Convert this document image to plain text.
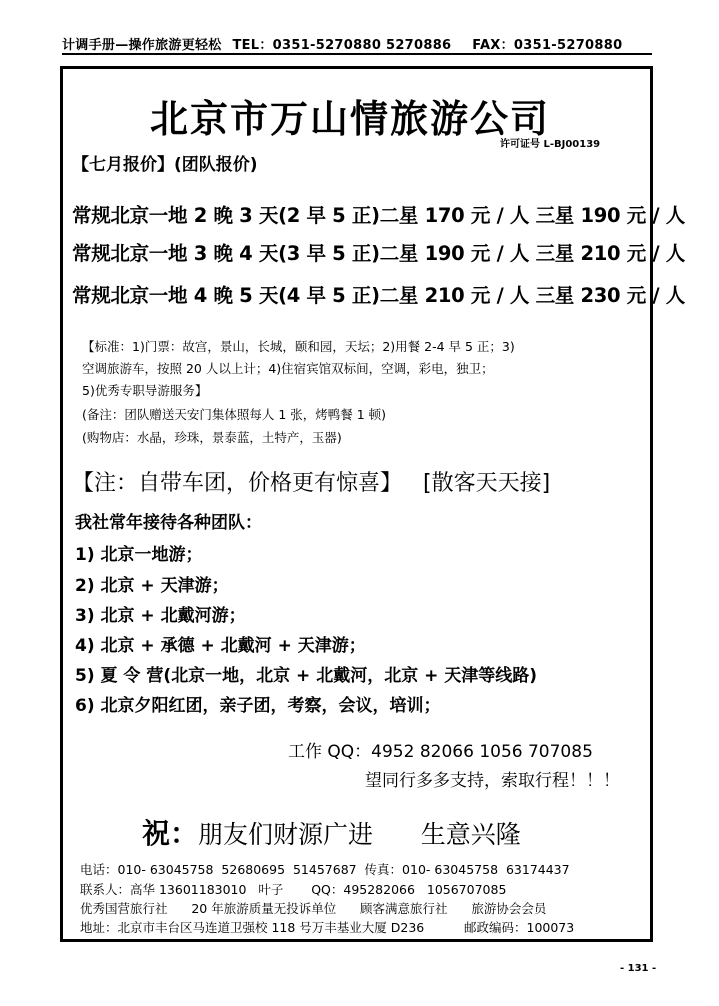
计调手册—操作旅游更轻松 TEL：0351-5270880 5270886 FAX：0351-5270880
北京市万山情旅游公司
许可证号 L-BJ00139
【七月报价】(团队报价)
常规北京一地 2 晚 3 天(2 早 5 正)二星 170 元 / 人 三星 190 元 / 人
常规北京一地 3 晚 4 天(3 早 5 正)二星 190 元 / 人 三星 210 元 / 人
常规北京一地 4 晚 5 天(4 早 5 正)二星 210 元 / 人 三星 230 元 / 人
【标准：1)门票：故宫，景山，长城，颐和园，天坛；2)用餐 2-4 早 5 正；3)
空调旅游车，按照 20 人以上计；4)住宿宾馆双标间，空调，彩电，独卫；
5)优秀专职导游服务】
(备注：团队赠送天安门集体照每人 1 张，烤鸭餐 1 顿)
(购物店：水晶，珍珠，景泰蓝，土特产，玉器)
【注：自带车团，价格更有惊喜】 [散客天天接]
我社常年接待各种团队：
1) 北京一地游；
2) 北京 + 天津游；
3) 北京 + 北戴河游；
4) 北京 + 承德 + 北戴河 + 天津游；
5) 夏 令 营(北京一地，北京 + 北戴河，北京 + 天津等线路)
6) 北京夕阳红团，亲子团，考察，会议，培训；
工作 QQ：4952 82066 1056 707085
望同行多多支持，索取行程！！！
祝：朋友们财源广进      生意兴隆
电话：010- 63045758  52680695  51457687  传真：010- 63045758  63174437
联系人：高华 13601183010   叶子       QQ：495282066   1056707085
优秀国营旅行社      20 年旅游质量无投诉单位      顾客满意旅行社      旅游协会会员
地址：北京市丰台区马连道卫强校 118 号万丰基业大厦 D236          邮政编码：100073
- 131 -
